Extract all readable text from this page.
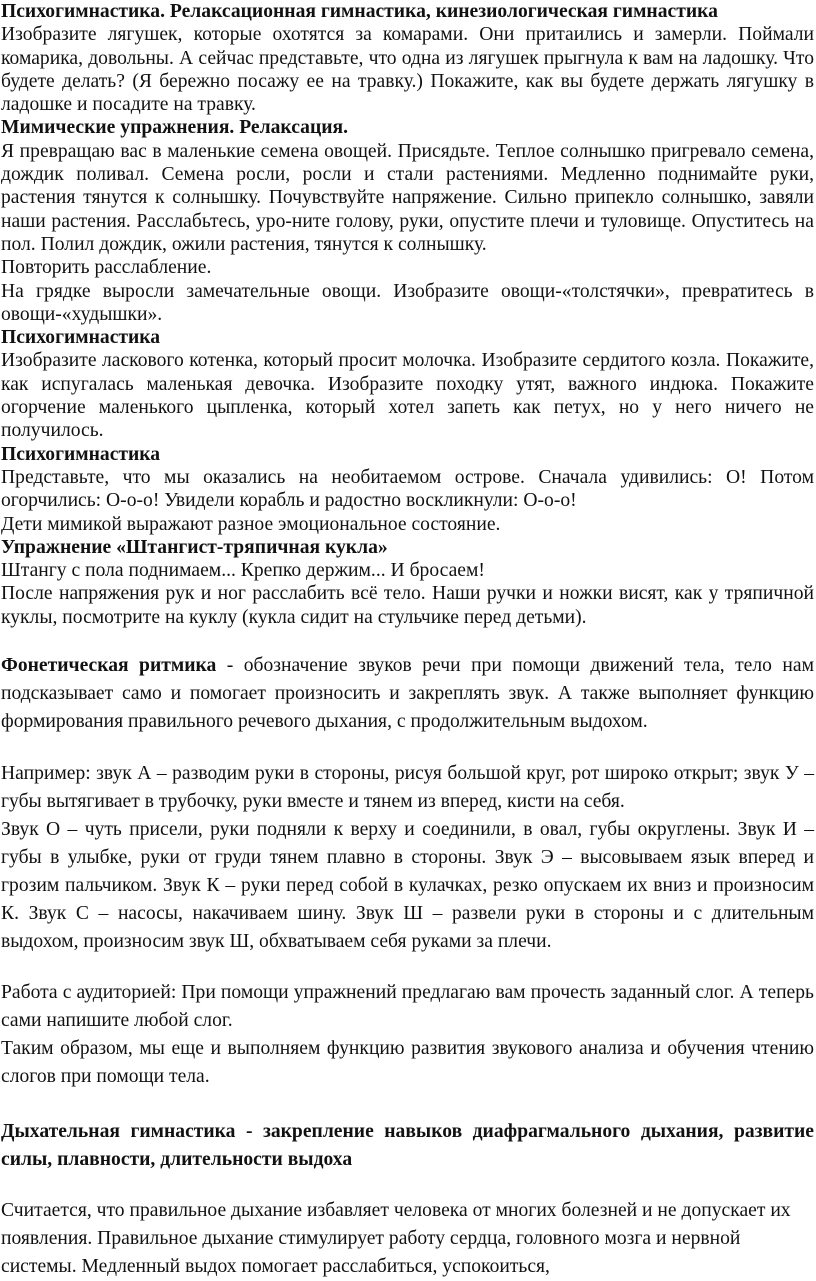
Психогимнастика. Релаксационная гимнастика, кинезиологическая гимнастика

Изобразите лягушек, которые охотятся за комарами. Они притаились и замерли. Поймали комарика, довольны. А сейчас представьте, что одна из лягушек прыгнула к вам на ладошку. Что будете делать? (Я бережно посажу ее на травку.) Покажите, как вы будете держать лягушку в ладошке и посадите на травку.

Мимические упражнения. Релаксация.

Я превращаю вас в маленькие семена овощей. Присядьте. Теплое солнышко пригревало семена, дождик поливал. Семена росли, росли и стали растениями. Медленно поднимайте руки, растения тянутся к солнышку. Почувствуйте напряжение. Сильно припекло солнышко, завяли наши растения. Расслабьтесь, уро-ните голову, руки, опустите плечи и туловище. Опуститесь на пол. Полил дождик, ожили растения, тянутся к солнышку.

Повторить расслабление.

На грядке выросли замечательные овощи. Изобразите овощи-«толстячки», превратитесь в овощи-«худышки».

Психогимнастика

Изобразите ласкового котенка, который просит молочка. Изобразите сердитого козла. Покажите, как испугалась маленькая девочка. Изобразите походку утят, важного индюка. Покажите огорчение маленького цыпленка, который хотел запеть как петух, но у него ничего не получилось.

Психогимнастика

Представьте, что мы оказались на необитаемом острове. Сначала удивились: О! Потом огорчились: О-о-о! Увидели корабль и радостно воскликнули: О-о-о!

Дети мимикой выражают разное эмоциональное состояние.

Упражнение «Штангист-тряпичная кукла»

Штангу с пола поднимаем... Крепко держим... И бросаем!

После напряжения рук и ног расслабить всё тело. Наши ручки и ножки висят, как у тряпичной куклы, посмотрите на куклу (кукла сидит на стульчике перед детьми).

Фонетическая ритмика - обозначение звуков речи при помощи движений тела, тело нам подсказывает само и помогает произносить и закреплять звук. А также выполняет функцию формирования правильного речевого дыхания, с продолжительным выдохом.

Например: звук А – разводим руки в стороны, рисуя большой круг, рот широко открыт; звук У – губы вытягивает в трубочку, руки вместе и тянем из вперед, кисти на себя.

Звук О – чуть присели, руки подняли к верху и соединили, в овал, губы округлены. Звук И – губы в улыбке, руки от груди тянем плавно в стороны. Звук Э – высовываем язык вперед и грозим пальчиком. Звук К – руки перед собой в кулачках, резко опускаем их вниз и произносим К. Звук С – насосы, накачиваем шину. Звук Ш – развели руки в стороны и с длительным выдохом, произносим звук Ш, обхватываем себя руками за плечи.

Работа с аудиторией: При помощи упражнений предлагаю вам прочесть заданный слог. А теперь сами напишите любой слог.

Таким образом, мы еще и выполняем функцию развития звукового анализа и обучения чтению слогов при помощи тела.

Дыхательная гимнастика - закрепление навыков диафрагмального дыхания, развитие силы, плавности, длительности выдоха

Считается, что правильное дыхание избавляет человека от многих болезней и не допускает их появления. Правильное дыхание стимулирует работу сердца, головного мозга и нервной системы. Медленный выдох помогает расслабиться, успокоиться,
